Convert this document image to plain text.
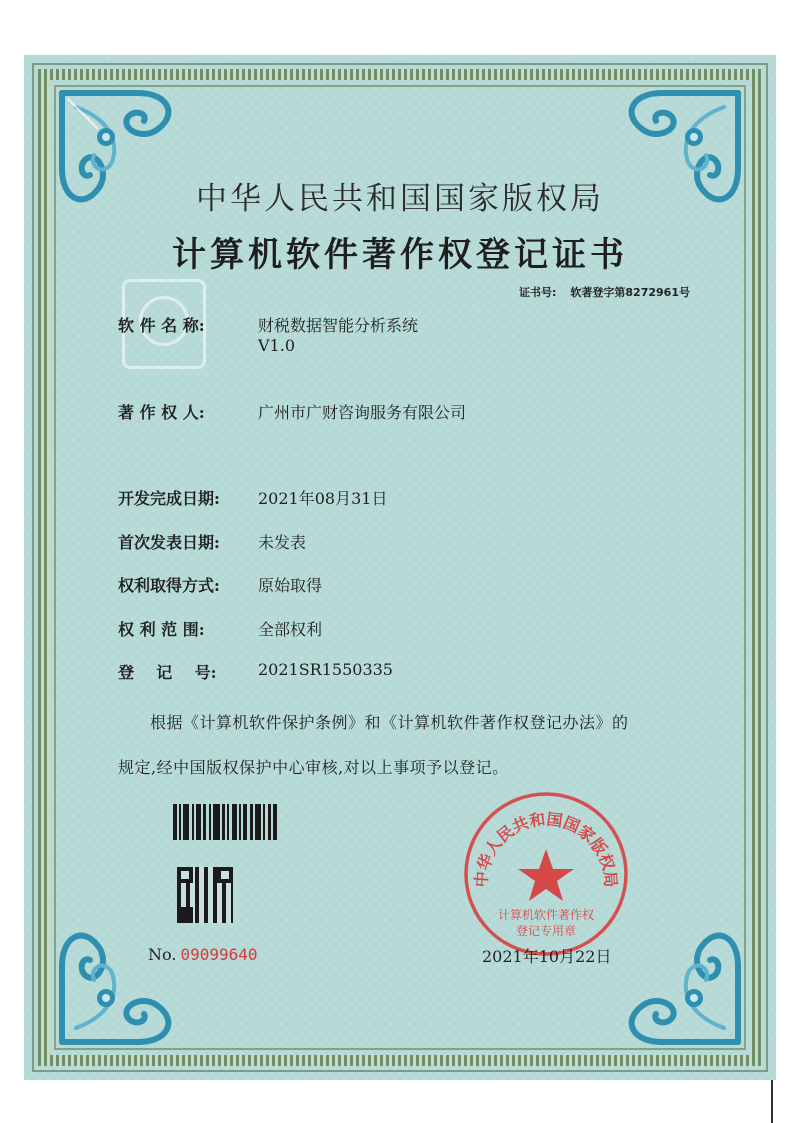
中华人民共和国国家版权局
计算机软件著作权登记证书
证书号: 软著登字第8272961号
软 件 名 称:	财税数据智能分析系统
V1.0
著 作 权 人:	广州市广财咨询服务有限公司
开发完成日期: 2021年08月31日
首次发表日期: 未发表
权利取得方式: 原始取得
权 利 范 围:	全部权利
登    记    号:	2021SR1550335
根据《计算机软件保护条例》和《计算机软件著作权登记办法》的
规定,经中国版权保护中心审核,对以上事项予以登记。
No. 09099640
中华人民共和国国家版权局
计算机软件著作权
登记专用章
2021年10月22日
